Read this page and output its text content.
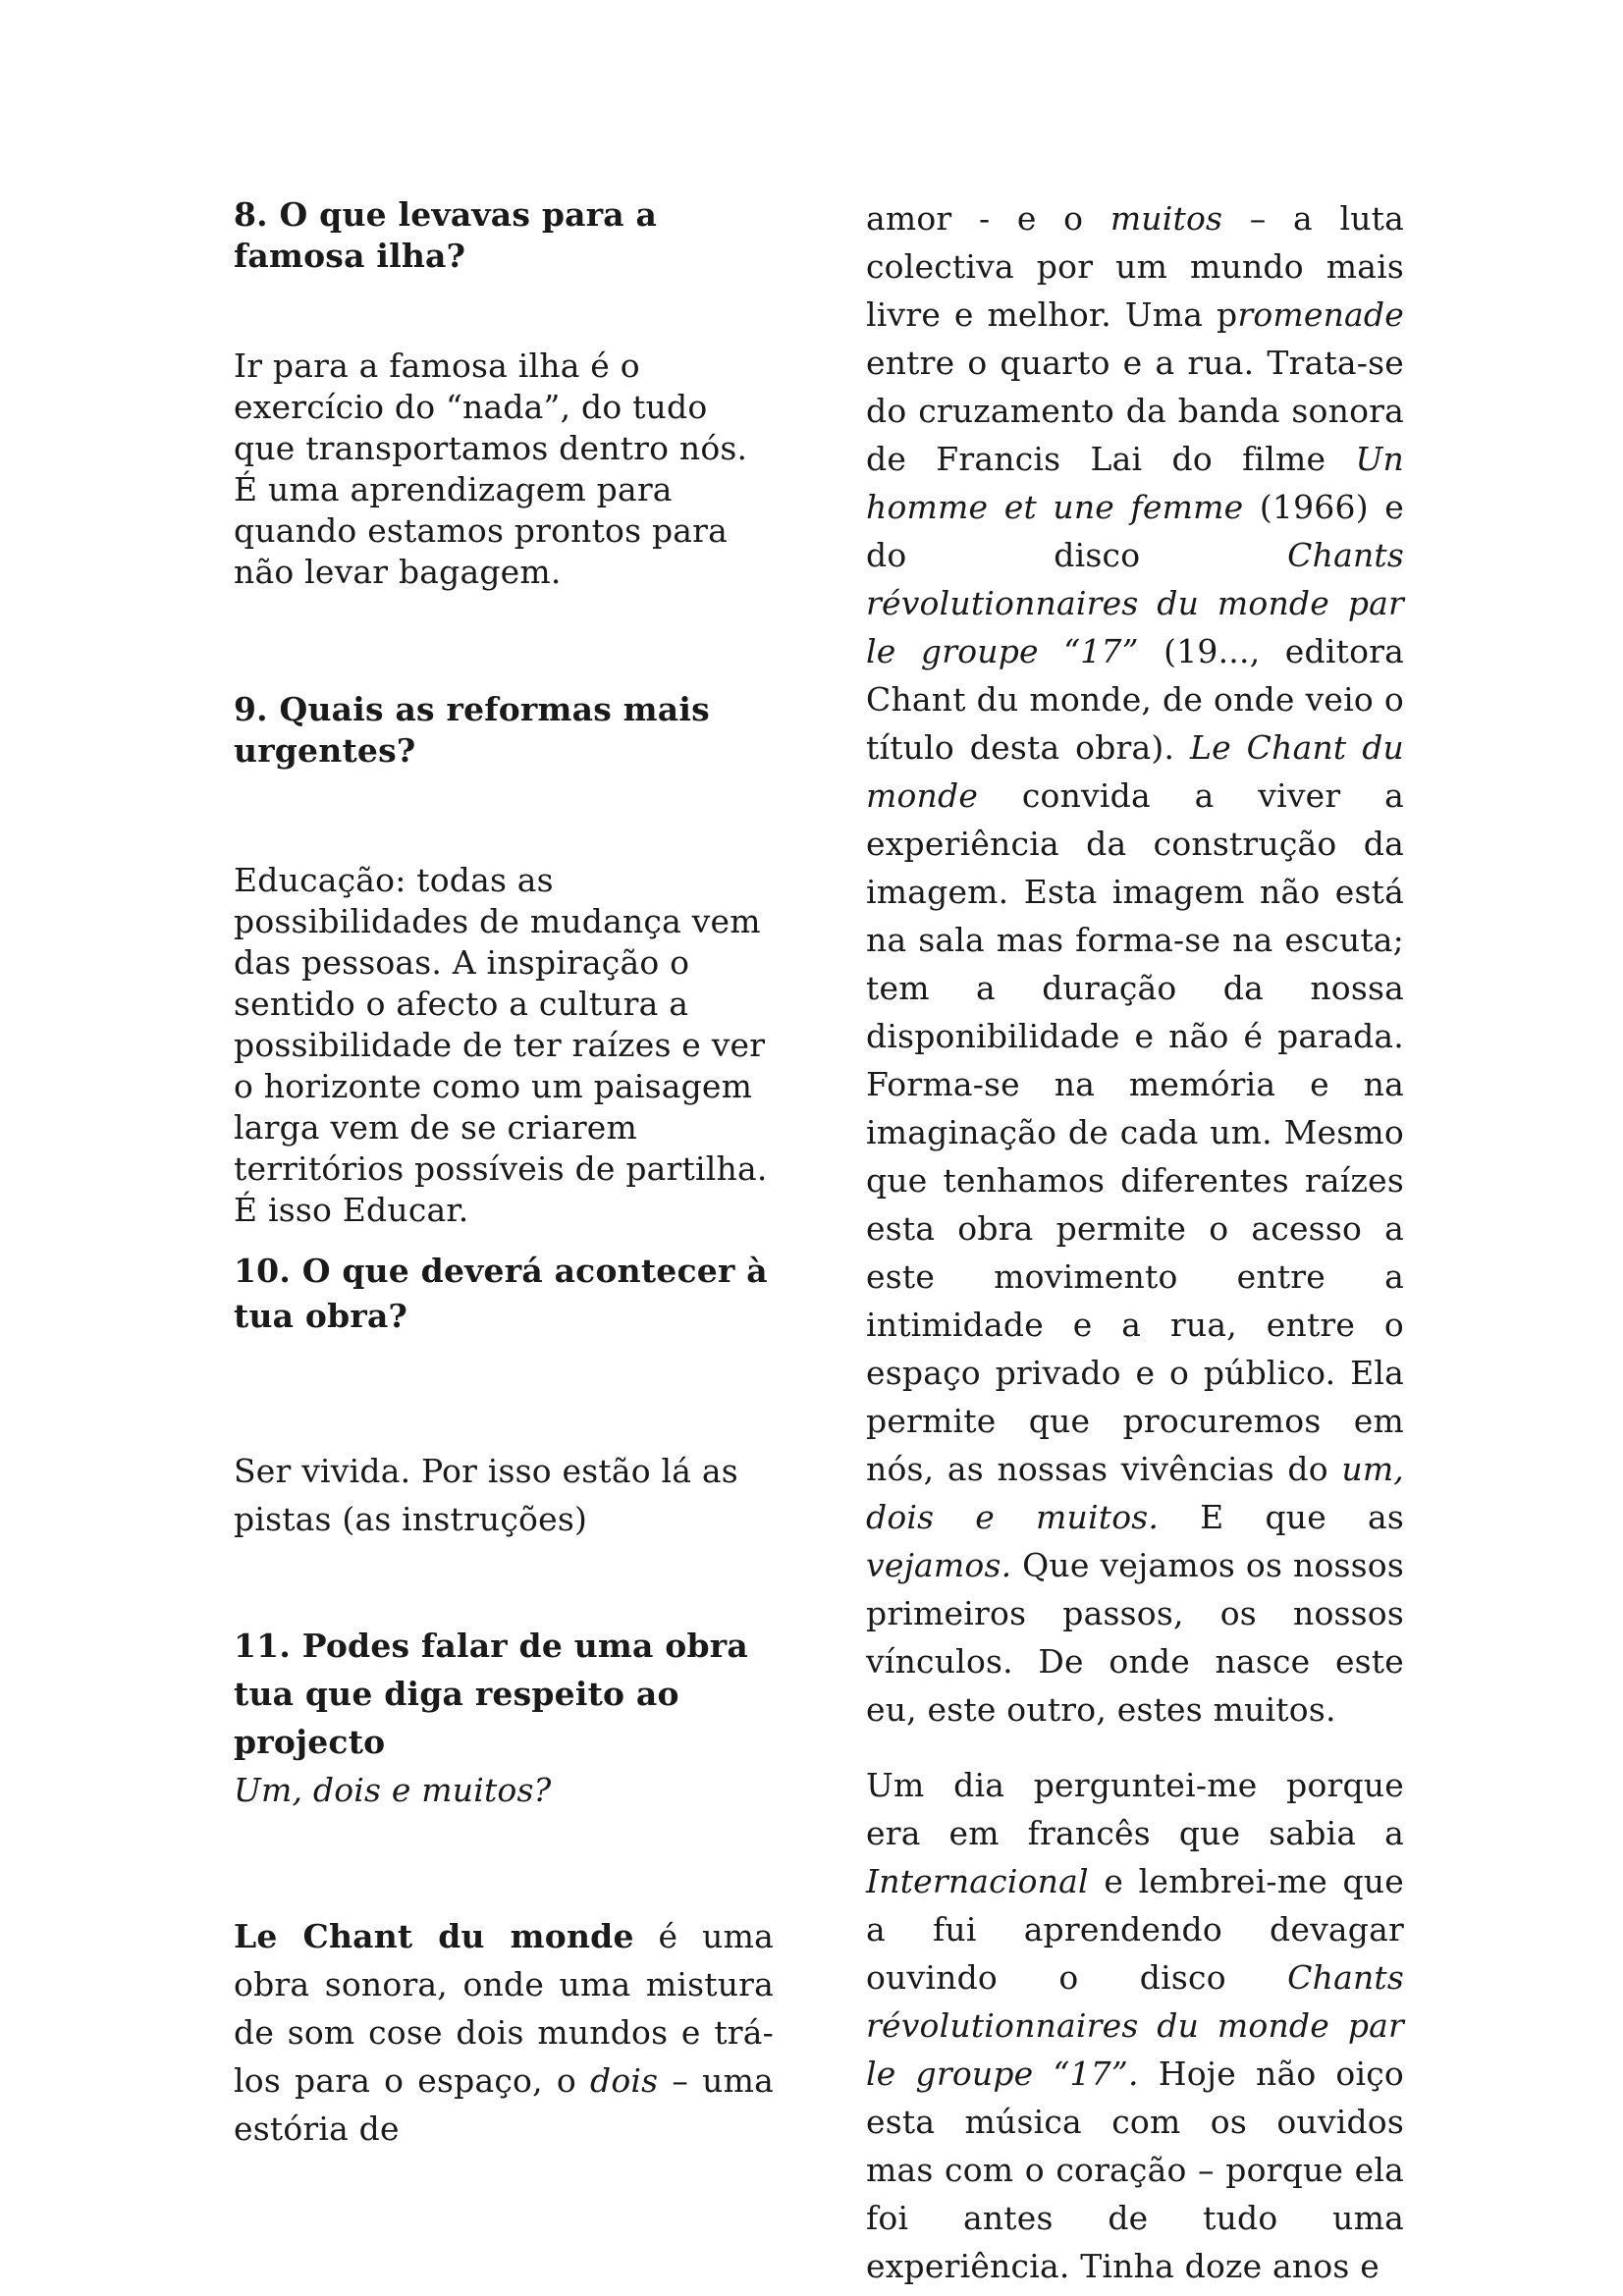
8. O que levavas para a famosa ilha?

Ir para a famosa ilha é o exercício do “nada”, do tudo que transportamos dentro nós. É uma aprendizagem para quando estamos prontos para não levar bagagem.

9. Quais as reformas mais urgentes?

Educação: todas as possibilidades de mudança vem das pessoas. A inspiração o sentido o afecto a cultura a possibilidade de ter raízes e ver o horizonte como um paisagem larga vem de se criarem territórios possíveis de partilha. É isso Educar.

10. O que deverá acontecer à tua obra?

Ser vivida. Por isso estão lá as pistas (as instruções)

11. Podes falar de uma obra tua que diga respeito ao projecto

Um, dois e muitos?

Le Chant du monde é uma obra sonora, onde uma mistura de som cose dois mundos e trá-los para o espaço, o dois – uma estória de

amor - e o muitos – a luta colectiva por um mundo mais livre e melhor. Uma promenade entre o quarto e a rua. Trata-se do cruzamento da banda sonora de Francis Lai do filme Un homme et une femme (1966) e do disco Chants révolutionnaires du monde par le groupe “17” (19..., editora Chant du monde, de onde veio o título desta obra). Le Chant du monde convida a viver a experiência da construção da imagem. Esta imagem não está na sala mas forma-se na escuta; tem a duração da nossa disponibilidade e não é parada. Forma-se na memória e na imaginação de cada um. Mesmo que tenhamos diferentes raízes esta obra permite o acesso a este movimento entre a intimidade e a rua, entre o espaço privado e o público. Ela permite que procuremos em nós, as nossas vivências do um, dois e muitos. E que as vejamos. Que vejamos os nossos primeiros passos, os nossos vínculos. De onde nasce este eu, este outro, estes muitos.

Um dia perguntei-me porque era em francês que sabia a Internacional e lembrei-me que a fui aprendendo devagar ouvindo o disco Chants révolutionnaires du monde par le groupe “17”. Hoje não oiço esta música com os ouvidos mas com o coração – porque ela foi antes de tudo uma experiência. Tinha doze anos e
